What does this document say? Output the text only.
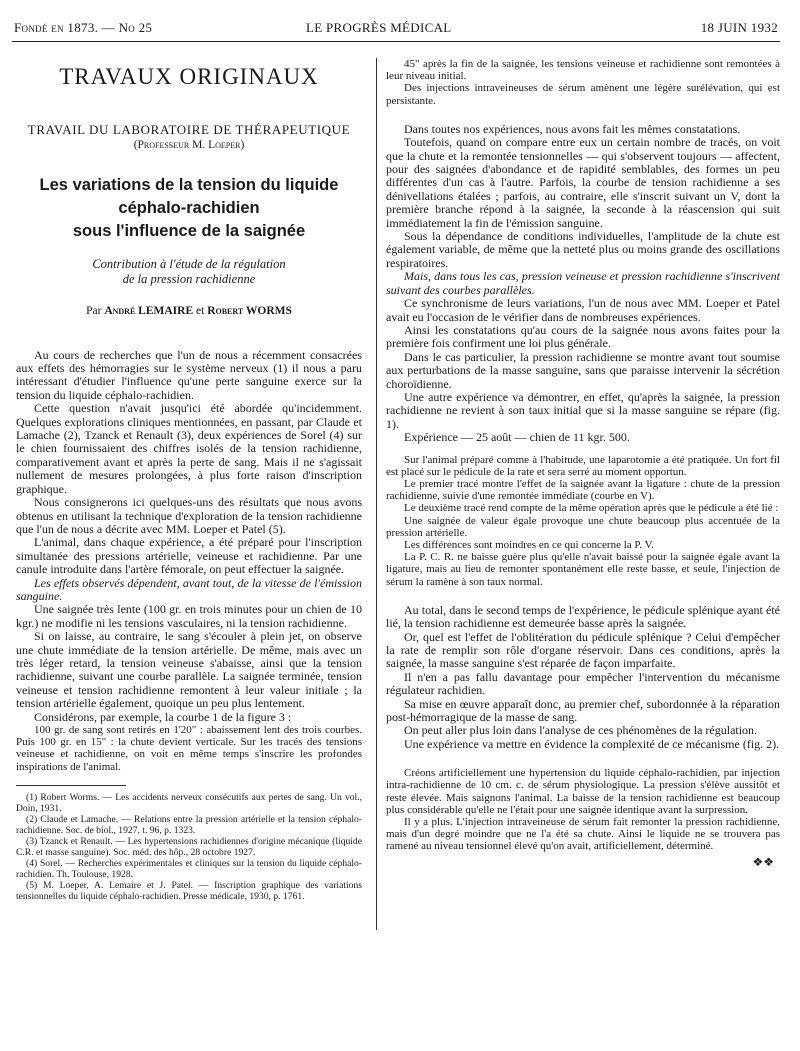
Fondé en 1873. — No 25	LE PROGRÈS MÉDICAL	18 JUIN 1932
TRAVAUX ORIGINAUX
TRAVAIL DU LABORATOIRE DE THÉRAPEUTIQUE
(Professeur M. Loeper)
Les variations de la tension du liquide
céphalo-rachidien
sous l'influence de la saignée
Contribution à l'étude de la régulation
de la pression rachidienne
Par André LEMAIRE et Robert WORMS

Au cours de recherches que l'un de nous a récemment consacrées aux effets des hémorragies sur le système nerveux (1) il nous a paru intéressant d'étudier l'influence qu'une perte sanguine exerce sur la tension du liquide céphalo-rachidien.

Cette question n'avait jusqu'ici été abordée qu'incidemment. Quelques explorations cliniques mentionnées, en passant, par Claude et Lamache (2), Tzanck et Renault (3), deux expériences de Sorel (4) sur le chien fournissaient des chiffres isolés de la tension rachidienne, comparativement avant et après la perte de sang. Mais il ne s'agissait nullement de mesures prolongées, à plus forte raison d'inscription graphique.

Nous consignerons ici quelques-uns des résultats que nous avons obtenus en utilisant la technique d'exploration de la tension rachidienne que l'un de nous a décrite avec MM. Loeper et Patel (5).

L'animal, dans chaque expérience, a été préparé pour l'inscription simultanée des pressions artérielle, veineuse et rachidienne. Par une canule introduite dans l'artère fémorale, on peut effectuer la saignée.

Les effets observés dépendent, avant tout, de la vitesse de l'émission sanguine.

Une saignée très lente (100 gr. en trois minutes pour un chien de 10 kgr.) ne modifie ni les tensions vasculaires, ni la tension rachidienne.

Si on laisse, au contraire, le sang s'écouler à plein jet, on observe une chute immédiate de la tension artérielle. De même, mais avec un très léger retard, la tension veineuse s'abaisse, ainsi que la tension rachidienne, suivant une courbe parallèle. La saignée terminée, tension veineuse et tension rachidienne remontent à leur valeur initiale ; la tension artérielle également, quoique un peu plus lentement.

Considérons, par exemple, la courbe 1 de la figure 3 :

100 gr. de sang sont retirés en 1'20" : abaissement lent des trois courbes. Puis 100 gr. en 15" : la chute devient verticale. Sur les tracés des tensions veineuse et rachidienne, on voit en même temps s'inscrire les profondes inspirations de l'animal.

(1) Robert Worms. — Les accidents nerveux consécutifs aux pertes de sang. Un vol., Doin, 1931.

(2) Claude et Lamache. — Relations entre la pression artérielle et la tension céphalo-rachidienne. Soc. de biol., 1927, t. 96, p. 1323.

(3) Tzanck et Renault. — Les hypertensions rachidiennes d'origine mécanique (liquide C.R. et masse sanguine). Soc. méd. des hôp., 28 octobre 1927.

(4) Sorel. — Recherches expérimentales et cliniques sur la tension du liquide céphalo-rachidien. Th. Toulouse, 1928.

(5) M. Loeper, A. Lemaire et J. Patel. — Inscription graphique des variations tensionnelles du liquide céphalo-rachidien. Presse médicale, 1930, p. 1761.

45" après la fin de la saignée, les tensions veineuse et rachidienne sont remontées à leur niveau initial.

Des injections intraveineuses de sérum amènent une légère surélévation, qui est persistante.

Dans toutes nos expériences, nous avons fait les mêmes constatations.

Toutefois, quand on compare entre eux un certain nombre de tracés, on voit que la chute et la remontée tensionnelles — qui s'observent toujours — affectent, pour des saignées d'abondance et de rapidité semblables, des formes un peu différentes d'un cas à l'autre. Parfois, la courbe de tension rachidienne a ses dénivellations étalées ; parfois, au contraire, elle s'inscrit suivant un V, dont la première branche répond à la saignée, la seconde à la réascension qui suit immédiatement la fin de l'émission sanguine.

Sous la dépendance de conditions individuelles, l'amplitude de la chute est également variable, de même que la netteté plus ou moins grande des oscillations respiratoires.

Mais, dans tous les cas, pression veineuse et pression rachidienne s'inscrivent suivant des courbes parallèles.

Ce synchronisme de leurs variations, l'un de nous avec MM. Loeper et Patel avait eu l'occasion de le vérifier dans de nombreuses expériences.

Ainsi les constatations qu'au cours de la saignée nous avons faites pour la première fois confirment une loi plus générale.

Dans le cas particulier, la pression rachidienne se montre avant tout soumise aux perturbations de la masse sanguine, sans que paraisse intervenir la sécrétion choroïdienne.

Une autre expérience va démontrer, en effet, qu'après la saignée, la pression rachidienne ne revient à son taux initial que si la masse sanguine se répare (fig. 1).

Expérience — 25 août — chien de 11 kgr. 500.

Sur l'animal préparé comme à l'habitude, une laparotomie a été pratiquée. Un fort fil est placé sur le pédicule de la rate et sera serré au moment opportun.

Le premier tracé montre l'effet de la saignée avant la ligature : chute de la pression rachidienne, suivie d'une remontée immédiate (courbe en V).

Le deuxième tracé rend compte de la même opération après que le pédicule a été lié :

Une saignée de valeur égale provoque une chute beaucoup plus accentuée de la pression artérielle.

Les différences sont moindres en ce qui concerne la P. V.

La P. C. R. ne baisse guère plus qu'elle n'avait baissé pour la saignée égale avant la ligature, mais au lieu de remonter spontanément elle reste basse, et seule, l'injection de sérum la ramène à son taux normal.

Au total, dans le second temps de l'expérience, le pédicule splénique ayant été lié, la tension rachidienne est demeurée basse après la saignée.

Or, quel est l'effet de l'oblitération du pédicule splénique ? Celui d'empêcher la rate de remplir son rôle d'organe réservoir. Dans ces conditions, après la saignée, la masse sanguine s'est réparée de façon imparfaite.

Il n'en a pas fallu davantage pour empêcher l'intervention du mécanisme régulateur rachidien.

Sa mise en œuvre apparaît donc, au premier chef, subordonnée à la réparation post-hémorragique de la masse de sang.

On peut aller plus loin dans l'analyse de ces phénomènes de la régulation.

Une expérience va mettre en évidence la complexité de ce mécanisme (fig. 2).

Créons artificiellement une hypertension du liquide céphalo-rachidien, par injection intra-rachidienne de 10 cm. c. de sérum physiologique. La pression s'élève aussitôt et reste élevée. Mais saignons l'animal. La baisse de la tension rachidienne est beaucoup plus considérable qu'elle ne l'était pour une saignée identique avant la surpression.

Il y a plus. L'injection intraveineuse de sérum fait remonter la pression rachidienne, mais d'un degré moindre que ne l'a été sa chute. Ainsi le liquide ne se trouvera pas ramené au niveau tensionnel élevé qu'on avait, artificiellement, déterminé.

❖❖
